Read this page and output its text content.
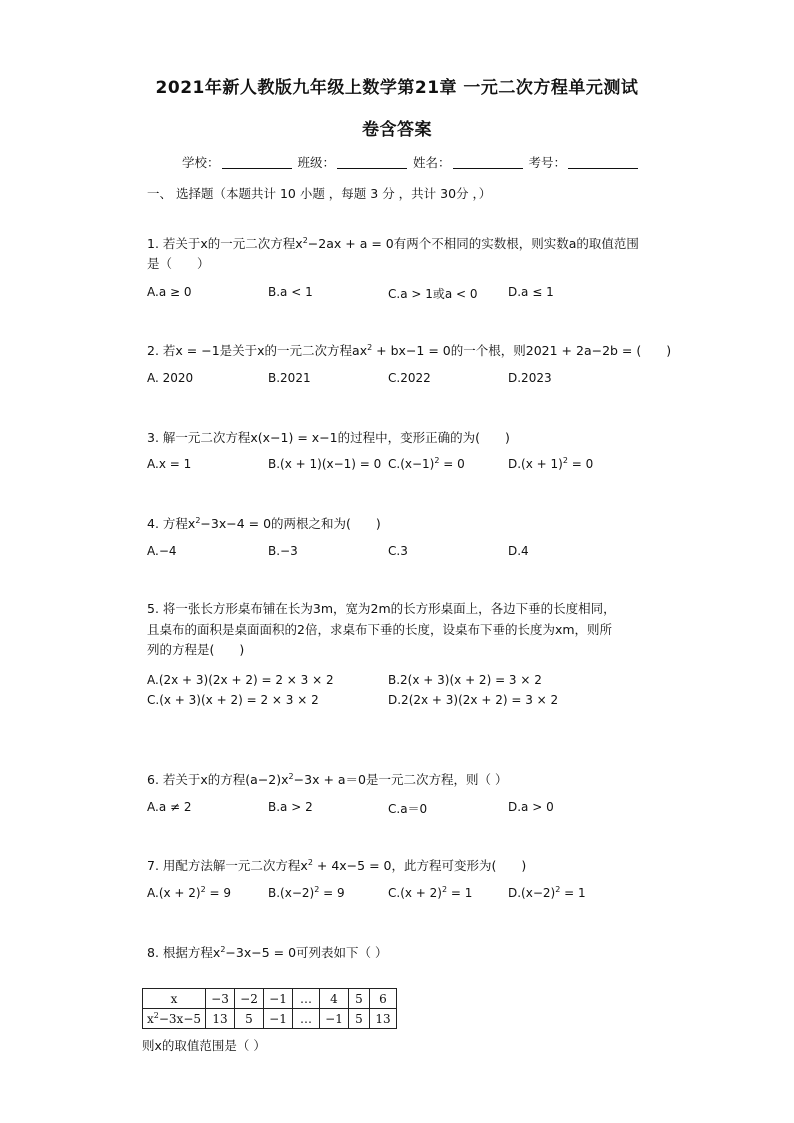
2021年新人教版九年级上数学第21章 一元二次方程单元测试
卷含答案
学校：	班级：	姓名：	考号：
一、 选择题（本题共计 10 小题 ，每题 3 分 ，共计 30分 ，）
1. 若关于x的一元二次方程$x^2-2ax + a = 0$有两个不相同的实数根，则实数a的取值范围
是（　　）
A.a ≥ 0	B.a < 1	C.a > 1或a < 0	D.a ≤ 1
2. 若x = −1是关于x的一元二次方程$ax^2 + bx-1 = 0$的一个根，则2021 + 2a−2b = (　　)
A. 2020	B.2021	C.2022	D.2023
3. 解一元二次方程x(x−1) = x−1的过程中，变形正确的为(　　)
A.x = 1	B.(x + 1)(x−1) = 0 $C.(x-1)^2 = 0$	$D.(x + 1)^2 = 0$
4. 方程$x^2-3x-4 = 0$的两根之和为(　　)
A.−4	B.−3	C.3	D.4
5. 将一张长方形桌布铺在长为3m，宽为2m的长方形桌面上，各边下垂的长度相同，
且桌布的面积是桌面面积的2倍，求桌布下垂的长度，设桌布下垂的长度为xm，则所
列的方程是(　　)
A.(2x + 3)(2x + 2) = 2 × 3 × 2	B.2(x + 3)(x + 2) = 3 × 2
C.(x + 3)(x + 2) = 2 × 3 × 2	D.2(2x + 3)(2x + 2) = 3 × 2
6. 若关于x的方程$(a-2)x^2-3x + a=0$是一元二次方程，则（ ）
A.a ≠ 2	B.a > 2	C.a＝0	D.a > 0
7. 用配方法解一元二次方程$x^2 + 4x-5 = 0$，此方程可变形为(　　)
$A.(x + 2)^2 = 9$	$B.(x-2)^2 = 9$	$C.(x + 2)^2 = 1$	$D.(x-2)^2 = 1$
8. 根据方程$x^2-3x-5 = 0$可列表如下（ ）
x	−3	−2	−1	…	4	5	6
$x^2-3x-5$	13	5	−1	…	−1	5	13
则x的取值范围是（ ）
